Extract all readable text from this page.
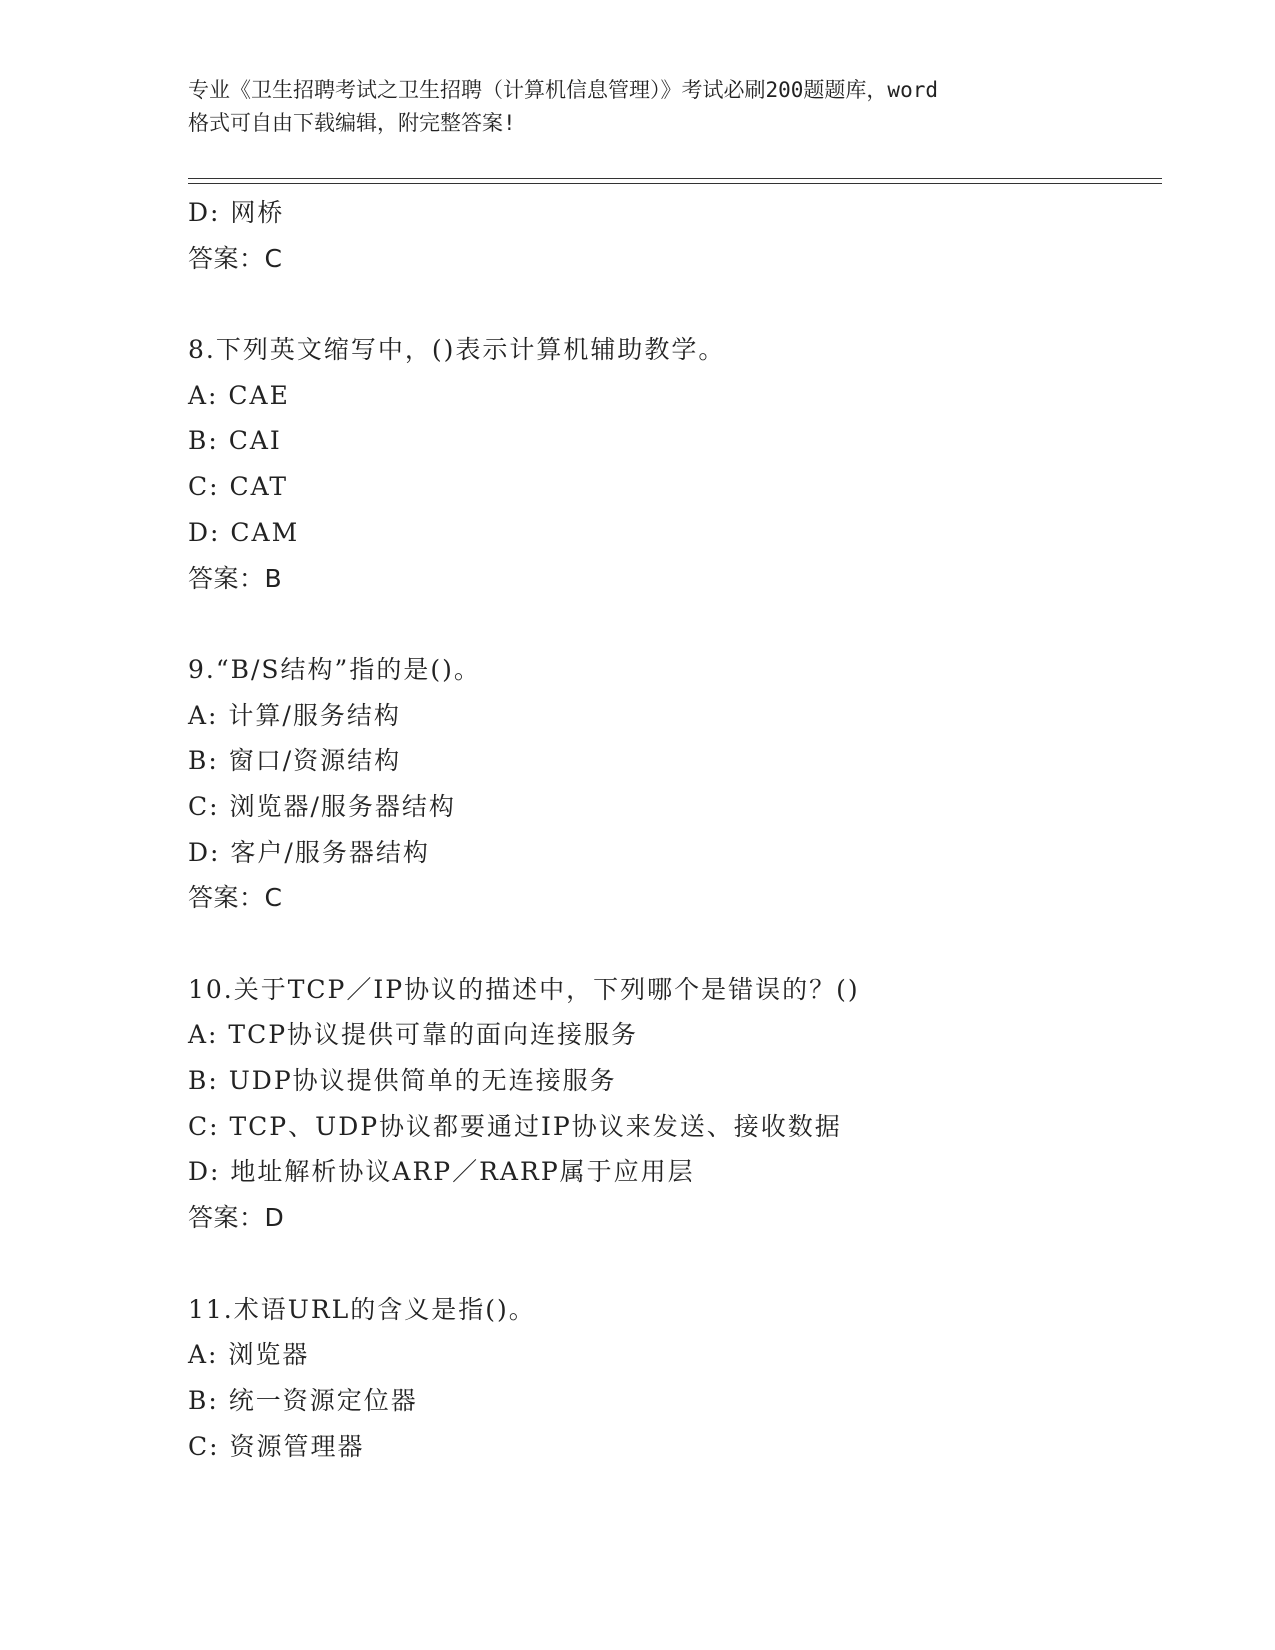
专业《卫生招聘考试之卫生招聘（计算机信息管理）》考试必刷200题题库，word
格式可自由下载编辑，附完整答案!
D: 网桥
答案：C
8.下列英文缩写中，()表示计算机辅助教学。
A: CAE
B: CAI
C: CAT
D: CAM
答案：B
9.“B/S结构”指的是()。
A: 计算/服务结构
B: 窗口/资源结构
C: 浏览器/服务器结构
D: 客户/服务器结构
答案：C
10.关于TCP／IP协议的描述中，下列哪个是错误的？()
A: TCP协议提供可靠的面向连接服务
B: UDP协议提供简单的无连接服务
C: TCP、UDP协议都要通过IP协议来发送、接收数据
D: 地址解析协议ARP／RARP属于应用层
答案：D
11.术语URL的含义是指()。
A: 浏览器
B: 统一资源定位器
C: 资源管理器
